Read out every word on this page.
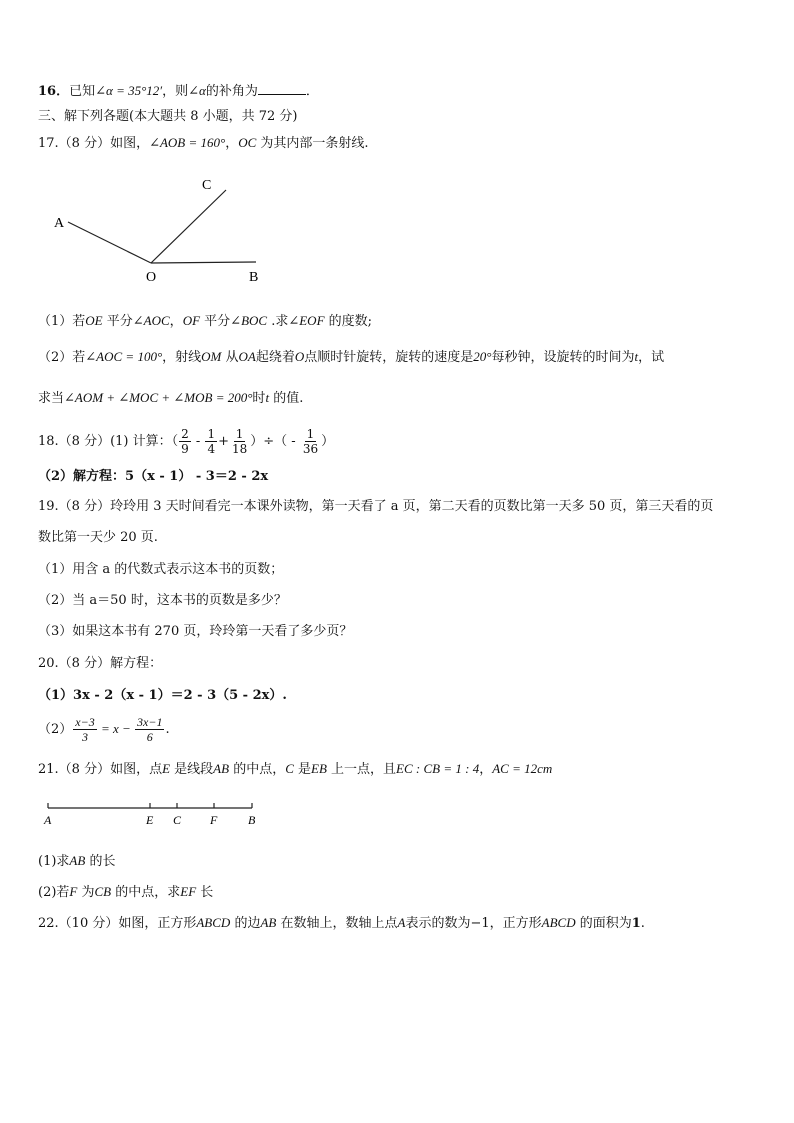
16．已知∠α = 35°12′，则∠α的补角为	．
三、解下列各题(本大题共 8 小题，共 72 分)
17.（8 分）如图，∠AOB = 160°，OC 为其内部一条射线.
A
C
O	B
（1）若OE 平分∠AOC，OF 平分∠BOC .求∠EOF 的度数;
（2）若∠AOC = 100°，射线OM 从OA起绕着O点顺时针旋转，旋转的速度是20°每秒钟，设旋转的时间为t，试
求当∠AOM + ∠MOC + ∠MOB = 200°时t 的值.
18.（8 分）(1) 计算：（ $\frac{2}{9} - \frac{1}{4} + \frac{1}{18}$ ）÷（ - $\frac{1}{36}$ ）
（2）解方程：5（x - 1） - 3＝2 - 2x
19.（8 分）玲玲用 3 天时间看完一本课外读物，第一天看了 a 页，第二天看的页数比第一天多 50 页，第三天看的页
数比第一天少 20 页.
（1）用含 a 的代数式表示这本书的页数；
（2）当 a＝50 时，这本书的页数是多少？
（3）如果这本书有 270 页，玲玲第一天看了多少页？
20.（8 分）解方程：
（1）3x - 2（x - 1）＝2 - 3（5 - 2x）.
$(2) \frac{x-3}{3} = x - \frac{3x-1}{6}$ .
21.（8 分）如图，点E 是线段AB 的中点，C 是EB 上一点，且EC : CB = 1 : 4，AC = 12cm
A	E C F	B
(1)求AB 的长
(2)若F 为CB 的中点，求EF 长
22.（10 分）如图，正方形ABCD 的边AB 在数轴上，数轴上点A表示的数为−1，正方形ABCD 的面积为1.
